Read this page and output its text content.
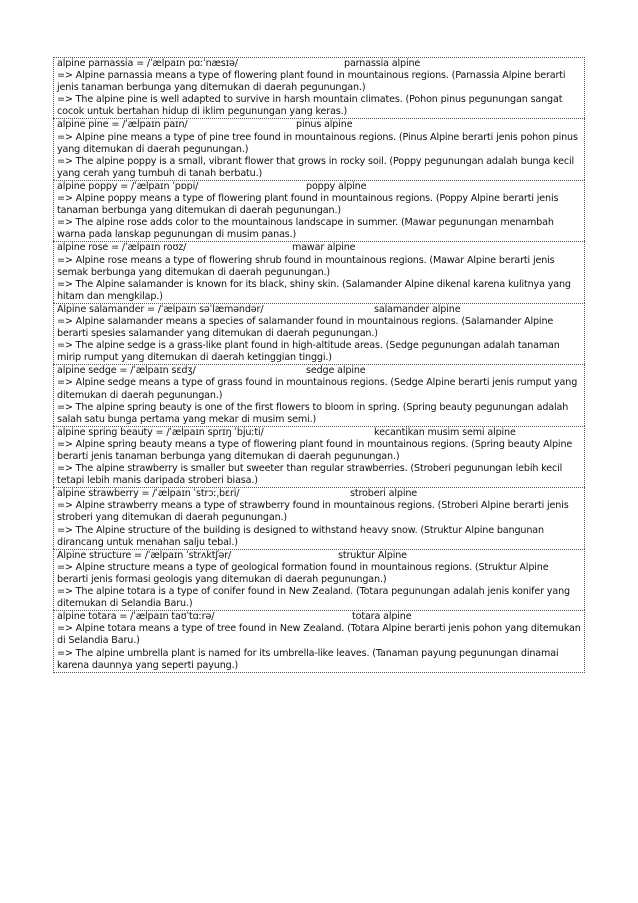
alpine parnassia = /ˈælpaɪn pɑːˈnæsɪə/	parnassia alpine
=> Alpine parnassia means a type of flowering plant found in mountainous regions. (Parnassia Alpine berarti jenis tanaman berbunga yang ditemukan di daerah pegunungan.)
=> The alpine pine is well adapted to survive in harsh mountain climates. (Pohon pinus pegunungan sangat cocok untuk bertahan hidup di iklim pegunungan yang keras.)
alpine pine = /ˈælpaɪn paɪn/	pinus alpine
=> Alpine pine means a type of pine tree found in mountainous regions. (Pinus Alpine berarti jenis pohon pinus yang ditemukan di daerah pegunungan.)
=> The alpine poppy is a small, vibrant flower that grows in rocky soil. (Poppy pegunungan adalah bunga kecil yang cerah yang tumbuh di tanah berbatu.)
alpine poppy = /ˈælpaɪn ˈpɒpi/	poppy alpine
=> Alpine poppy means a type of flowering plant found in mountainous regions. (Poppy Alpine berarti jenis tanaman berbunga yang ditemukan di daerah pegunungan.)
=> The alpine rose adds color to the mountainous landscape in summer. (Mawar pegunungan menambah warna pada lanskap pegunungan di musim panas.)
alpine rose = /ˈælpaɪn roʊz/	mawar alpine
=> Alpine rose means a type of flowering shrub found in mountainous regions. (Mawar Alpine berarti jenis semak berbunga yang ditemukan di daerah pegunungan.)
=> The Alpine salamander is known for its black, shiny skin. (Salamander Alpine dikenal karena kulitnya yang hitam dan mengkilap.)
Alpine salamander = /ˈælpaɪn səˈlæməndər/	salamander alpine
=> Alpine salamander means a species of salamander found in mountainous regions. (Salamander Alpine berarti spesies salamander yang ditemukan di daerah pegunungan.)
=> The alpine sedge is a grass-like plant found in high-altitude areas. (Sedge pegunungan adalah tanaman mirip rumput yang ditemukan di daerah ketinggian tinggi.)
alpine sedge = /ˈælpaɪn sɛdʒ/	sedge alpine
=> Alpine sedge means a type of grass found in mountainous regions. (Sedge Alpine berarti jenis rumput yang ditemukan di daerah pegunungan.)
=> The alpine spring beauty is one of the first flowers to bloom in spring. (Spring beauty pegunungan adalah salah satu bunga pertama yang mekar di musim semi.)
alpine spring beauty = /ˈælpaɪn sprɪŋ ˈbjuːti/	kecantikan musim semi alpine
=> Alpine spring beauty means a type of flowering plant found in mountainous regions. (Spring beauty Alpine berarti jenis tanaman berbunga yang ditemukan di daerah pegunungan.)
=> The alpine strawberry is smaller but sweeter than regular strawberries. (Stroberi pegunungan lebih kecil tetapi lebih manis daripada stroberi biasa.)
alpine strawberry = /ˈælpaɪn ˈstrɔːˌbɛri/	stroberi alpine
=> Alpine strawberry means a type of strawberry found in mountainous regions. (Stroberi Alpine berarti jenis stroberi yang ditemukan di daerah pegunungan.)
=> The Alpine structure of the building is designed to withstand heavy snow. (Struktur Alpine bangunan dirancang untuk menahan salju tebal.)
Alpine structure = /ˈælpaɪn ˈstrʌktʃər/	struktur Alpine
=> Alpine structure means a type of geological formation found in mountainous regions. (Struktur Alpine berarti jenis formasi geologis yang ditemukan di daerah pegunungan.)
=> The alpine totara is a type of conifer found in New Zealand. (Totara pegunungan adalah jenis konifer yang ditemukan di Selandia Baru.)
alpine totara = /ˈælpaɪn taʊˈtɑːrə/	totara alpine
=> Alpine totara means a type of tree found in New Zealand. (Totara Alpine berarti jenis pohon yang ditemukan di Selandia Baru.)
=> The alpine umbrella plant is named for its umbrella-like leaves. (Tanaman payung pegunungan dinamai karena daunnya yang seperti payung.)
